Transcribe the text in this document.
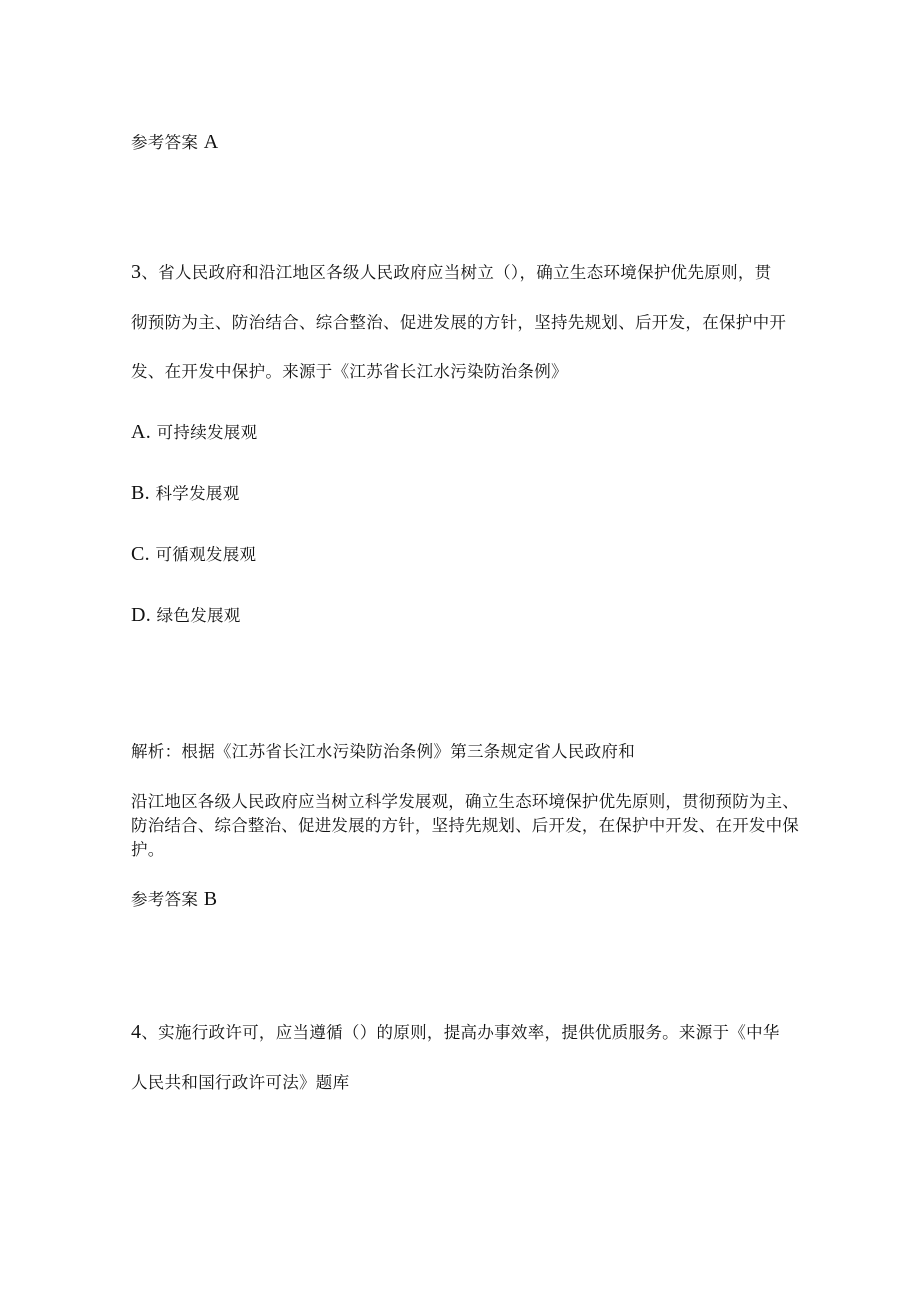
参考答案 A

3、省人民政府和沿江地区各级人民政府应当树立（），确立生态环境保护优先原则，贯

彻预防为主、防治结合、综合整治、促进发展的方针，坚持先规划、后开发，在保护中开

发、在开发中保护。来源于《江苏省长江水污染防治条例》

A. 可持续发展观

B. 科学发展观

C. 可循观发展观

D. 绿色发展观

解析：根据《江苏省长江水污染防治条例》第三条规定省人民政府和

沿江地区各级人民政府应当树立科学发展观，确立生态环境保护优先原则，贯彻预防为主、防治结合、综合整治、促进发展的方针，坚持先规划、后开发，在保护中开发、在开发中保护。

参考答案 B

4、实施行政许可，应当遵循（）的原则，提高办事效率，提供优质服务。来源于《中华

人民共和国行政许可法》题库
